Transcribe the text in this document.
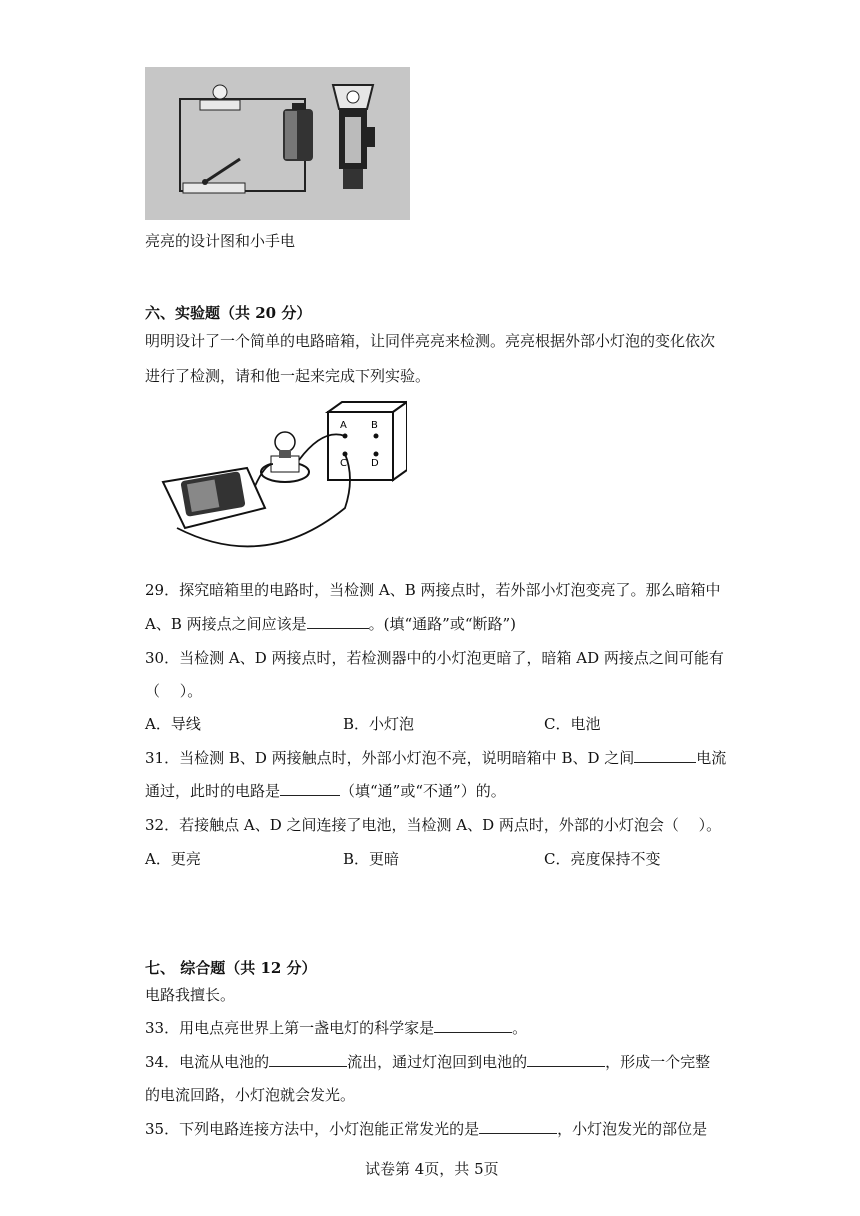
亮亮的设计图和小手电
六、实验题（共 20 分）
明明设计了一个简单的电路暗箱，让同伴亮亮来检测。亮亮根据外部小灯泡的变化依次
进行了检测，请和他一起来完成下列实验。
A B
C D
29．探究暗箱里的电路时，当检测 A、B 两接点时，若外部小灯泡变亮了。那么暗箱中
A、B 两接点之间应该是	。(填“通路”或“断路”)
30．当检测 A、D 两接点时，若检测器中的小灯泡更暗了，暗箱 AD 两接点之间可能有
（　 ）。
A．导线	B．小灯泡	C．电池
31．当检测 B、D 两接触点时，外部小灯泡不亮，说明暗箱中 B、D 之间	电流
通过，此时的电路是	（填“通”或“不通”）的。
32．若接触点 A、D 之间连接了电池，当检测 A、D 两点时，外部的小灯泡会（　 ）。
A．更亮	B．更暗	C．亮度保持不变
七、 综合题（共 12 分）
电路我擅长。
33．用电点亮世界上第一盏电灯的科学家是	。
34．电流从电池的	流出，通过灯泡回到电池的	，形成一个完整
的电流回路，小灯泡就会发光。
35．下列电路连接方法中，小灯泡能正常发光的是	，小灯泡发光的部位是
试卷第 4页，共 5页
